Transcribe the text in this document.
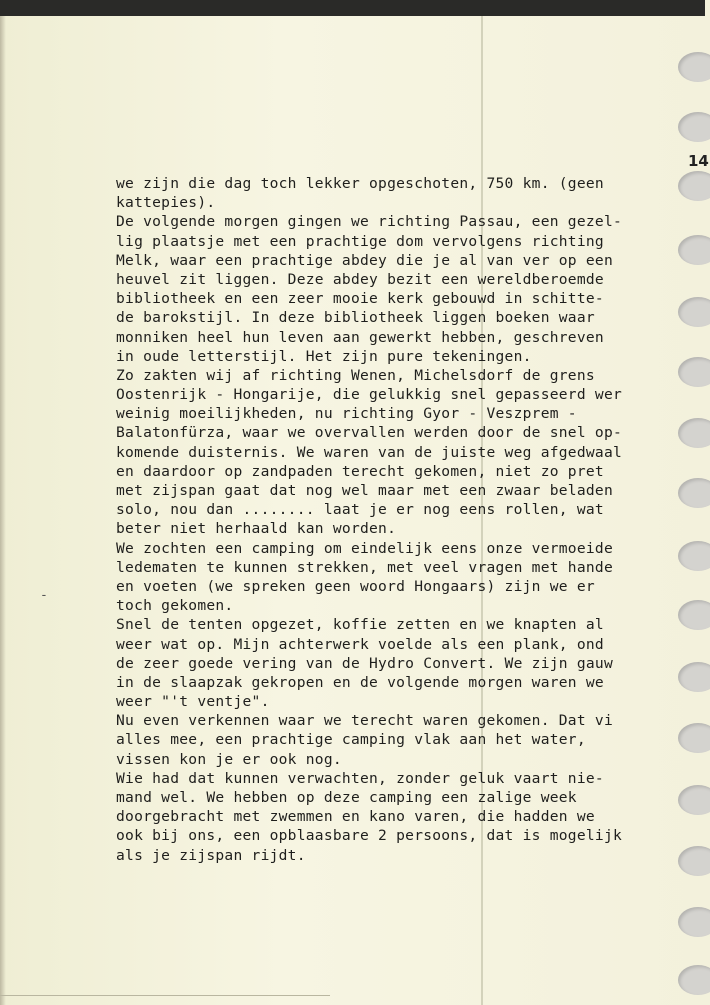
14
-
we zijn die dag toch lekker opgeschoten, 750 km. (geen
kattepies).
De volgende morgen gingen we richting Passau, een gezel-
lig plaatsje met een prachtige dom vervolgens richting
Melk, waar een prachtige abdey die je al van ver op een
heuvel zit liggen. Deze abdey bezit een wereldberoemde
bibliotheek en een zeer mooie kerk gebouwd in schitte-
de barokstijl. In deze bibliotheek liggen boeken waar
monniken heel hun leven aan gewerkt hebben, geschreven
in oude letterstijl. Het zijn pure tekeningen.
Zo zakten wij af richting Wenen, Michelsdorf de grens
Oostenrijk - Hongarije, die gelukkig snel gepasseerd wer
weinig moeilijkheden, nu richting Gyor - Veszprem -
Balatonfürza, waar we overvallen werden door de snel op-
komende duisternis. We waren van de juiste weg afgedwaal
en daardoor op zandpaden terecht gekomen, niet zo pret
met zijspan gaat dat nog wel maar met een zwaar beladen
solo, nou dan ........ laat je er nog eens rollen, wat
beter niet herhaald kan worden.
We zochten een camping om eindelijk eens onze vermoeide
ledematen te kunnen strekken, met veel vragen met hande
en voeten (we spreken geen woord Hongaars) zijn we er
toch gekomen.
Snel de tenten opgezet, koffie zetten en we knapten al
weer wat op. Mijn achterwerk voelde als een plank, ond
de zeer goede vering van de Hydro Convert. We zijn gauw
in de slaapzak gekropen en de volgende morgen waren we
weer "'t ventje".
Nu even verkennen waar we terecht waren gekomen. Dat vi
alles mee, een prachtige camping vlak aan het water,
vissen kon je er ook nog.
Wie had dat kunnen verwachten, zonder geluk vaart nie-
mand wel. We hebben op deze camping een zalige week
doorgebracht met zwemmen en kano varen, die hadden we
ook bij ons, een opblaasbare 2 persoons, dat is mogelijk
als je zijspan rijdt.
